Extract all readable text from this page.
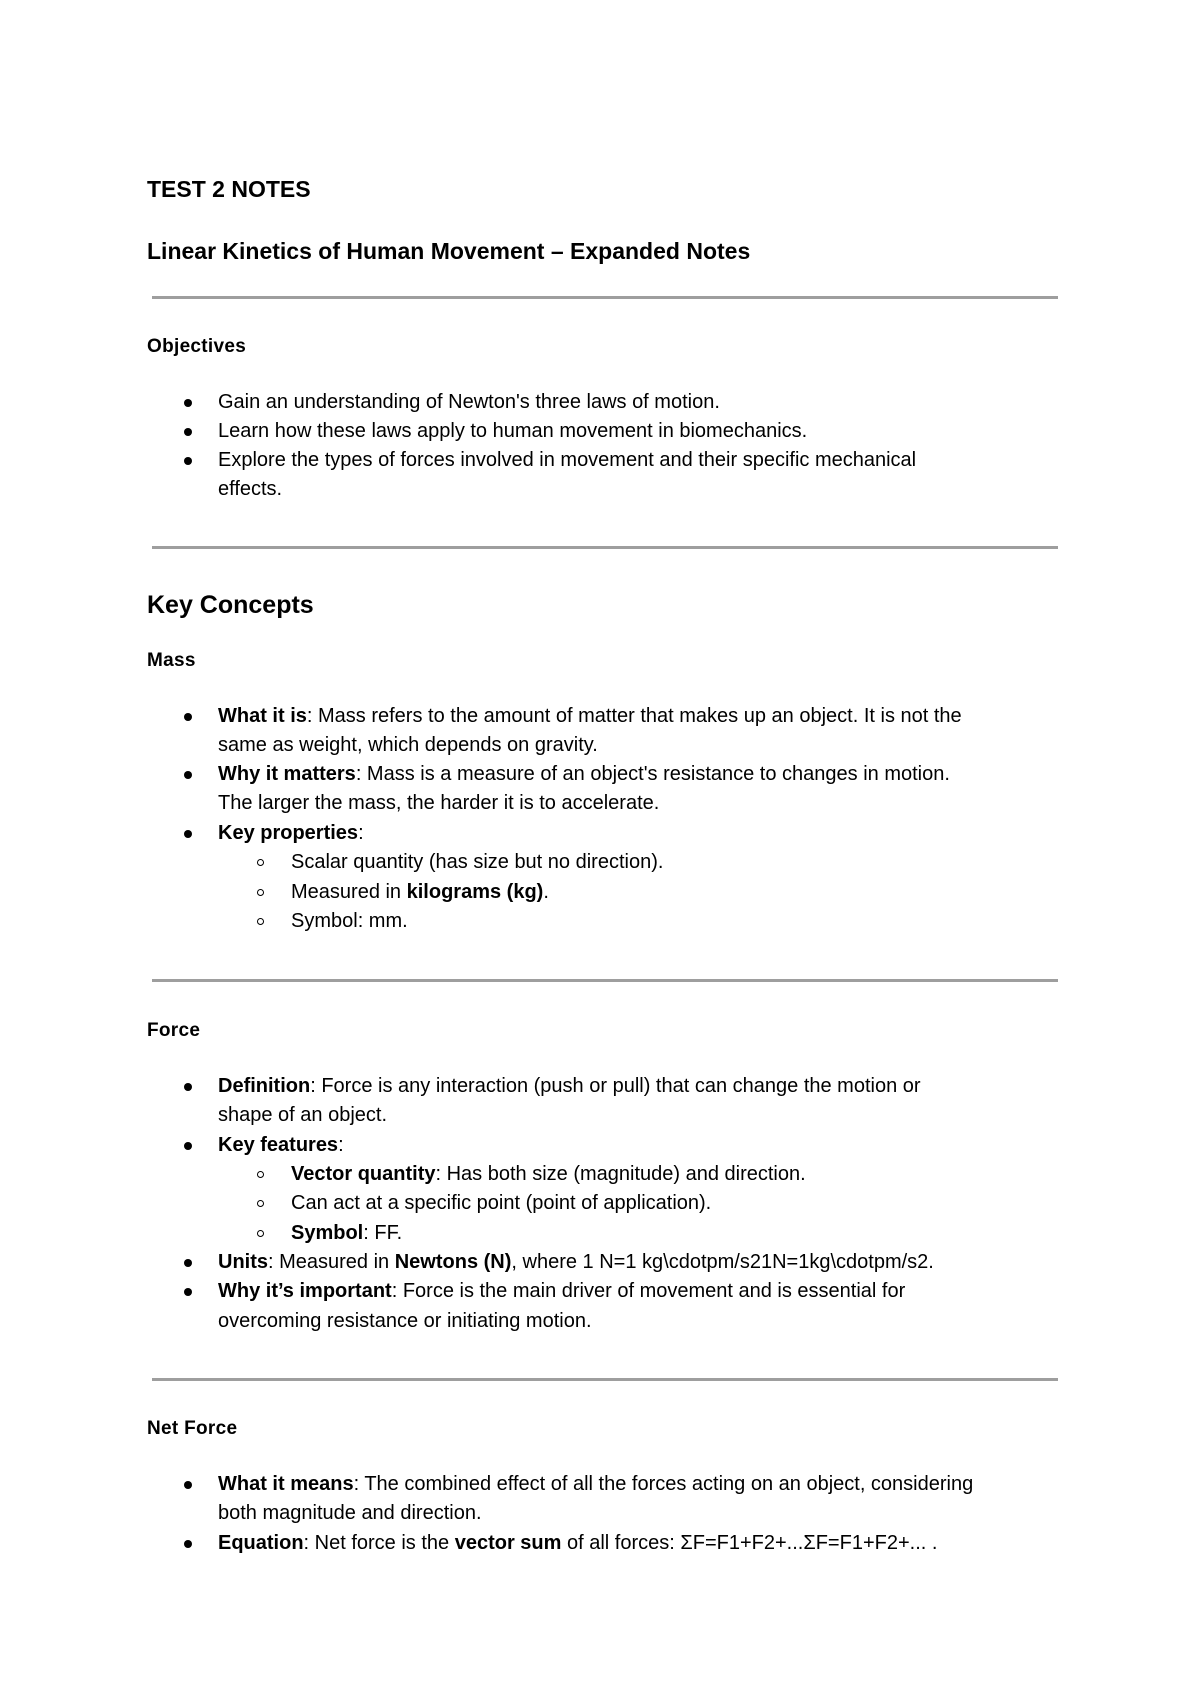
TEST 2 NOTES
Linear Kinetics of Human Movement – Expanded Notes
Objectives
Gain an understanding of Newton's three laws of motion.
Learn how these laws apply to human movement in biomechanics.
Explore the types of forces involved in movement and their specific mechanical
effects.
Key Concepts
Mass
What it is: Mass refers to the amount of matter that makes up an object. It is not the
same as weight, which depends on gravity.
Why it matters: Mass is a measure of an object's resistance to changes in motion.
The larger the mass, the harder it is to accelerate.
Key properties:
Scalar quantity (has size but no direction).
Measured in kilograms (kg).
Symbol: mm.
Force
Definition: Force is any interaction (push or pull) that can change the motion or
shape of an object.
Key features:
Vector quantity: Has both size (magnitude) and direction.
Can act at a specific point (point of application).
Symbol: FF.
Units: Measured in Newtons (N), where 1 N=1 kg\cdotpm/s21N=1kg\cdotpm/s2.
Why it’s important: Force is the main driver of movement and is essential for
overcoming resistance or initiating motion.
Net Force
What it means: The combined effect of all the forces acting on an object, considering
both magnitude and direction.
Equation: Net force is the vector sum of all forces: ΣF=F1+F2+...ΣF=F1+F2+... .
